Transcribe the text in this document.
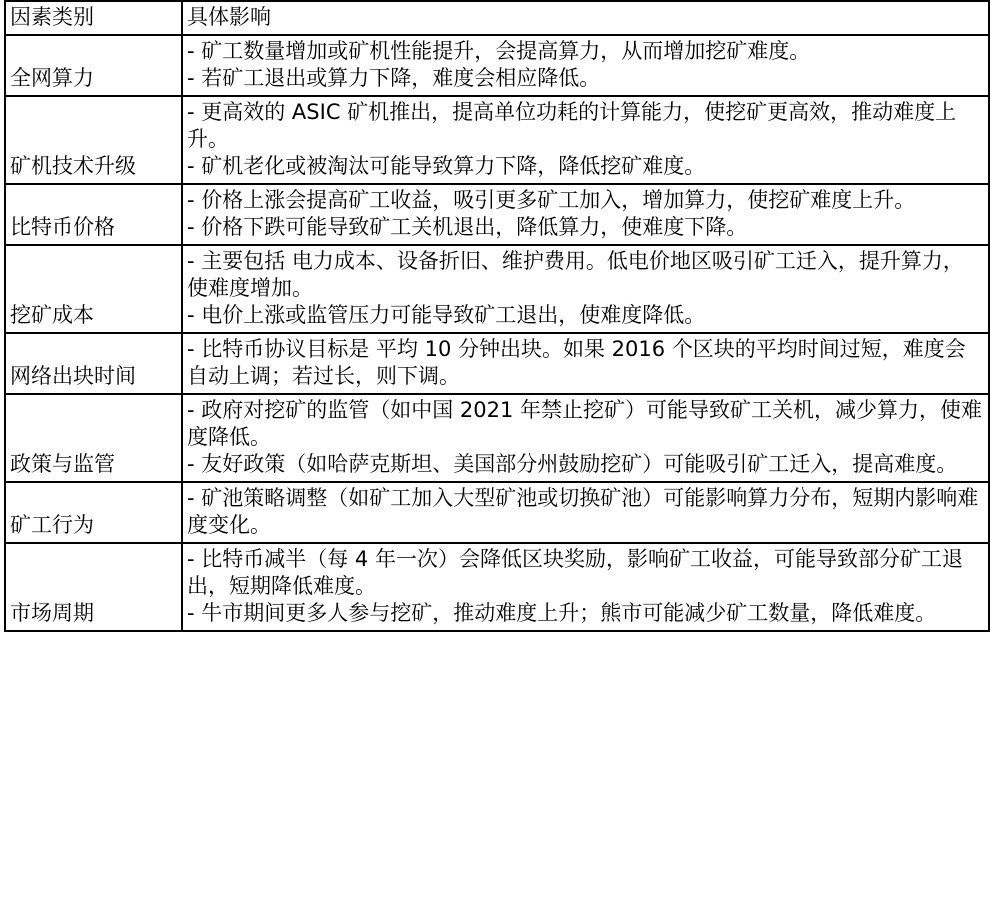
因素类别	具体影响
全网算力	- 矿工数量增加或矿机性能提升，会提高算力，从而增加挖矿难度。
- 若矿工退出或算力下降，难度会相应降低。

矿机技术升级	- 更高效的 ASIC 矿机推出，提高单位功耗的计算能力，使挖矿更高效，推动难度上升。
- 矿机老化或被淘汰可能导致算力下降，降低挖矿难度。

比特币价格	- 价格上涨会提高矿工收益，吸引更多矿工加入，增加算力，使挖矿难度上升。
- 价格下跌可能导致矿工关机退出，降低算力，使难度下降。

挖矿成本	- 主要包括 电力成本、设备折旧、维护费用。低电价地区吸引矿工迁入，提升算力，使难度增加。
- 电价上涨或监管压力可能导致矿工退出，使难度降低。

网络出块时间	- 比特币协议目标是 平均 10 分钟出块。如果 2016 个区块的平均时间过短，难度会自动上调；若过长，则下调。

政策与监管	- 政府对挖矿的监管（如中国 2021 年禁止挖矿）可能导致矿工关机，减少算力，使难度降低。
- 友好政策（如哈萨克斯坦、美国部分州鼓励挖矿）可能吸引矿工迁入，提高难度。

矿工行为	- 矿池策略调整（如矿工加入大型矿池或切换矿池）可能影响算力分布，短期内影响难度变化。

市场周期	- 比特币减半（每 4 年一次）会降低区块奖励，影响矿工收益，可能导致部分矿工退出，短期降低难度。
- 牛市期间更多人参与挖矿，推动难度上升；熊市可能减少矿工数量，降低难度。
